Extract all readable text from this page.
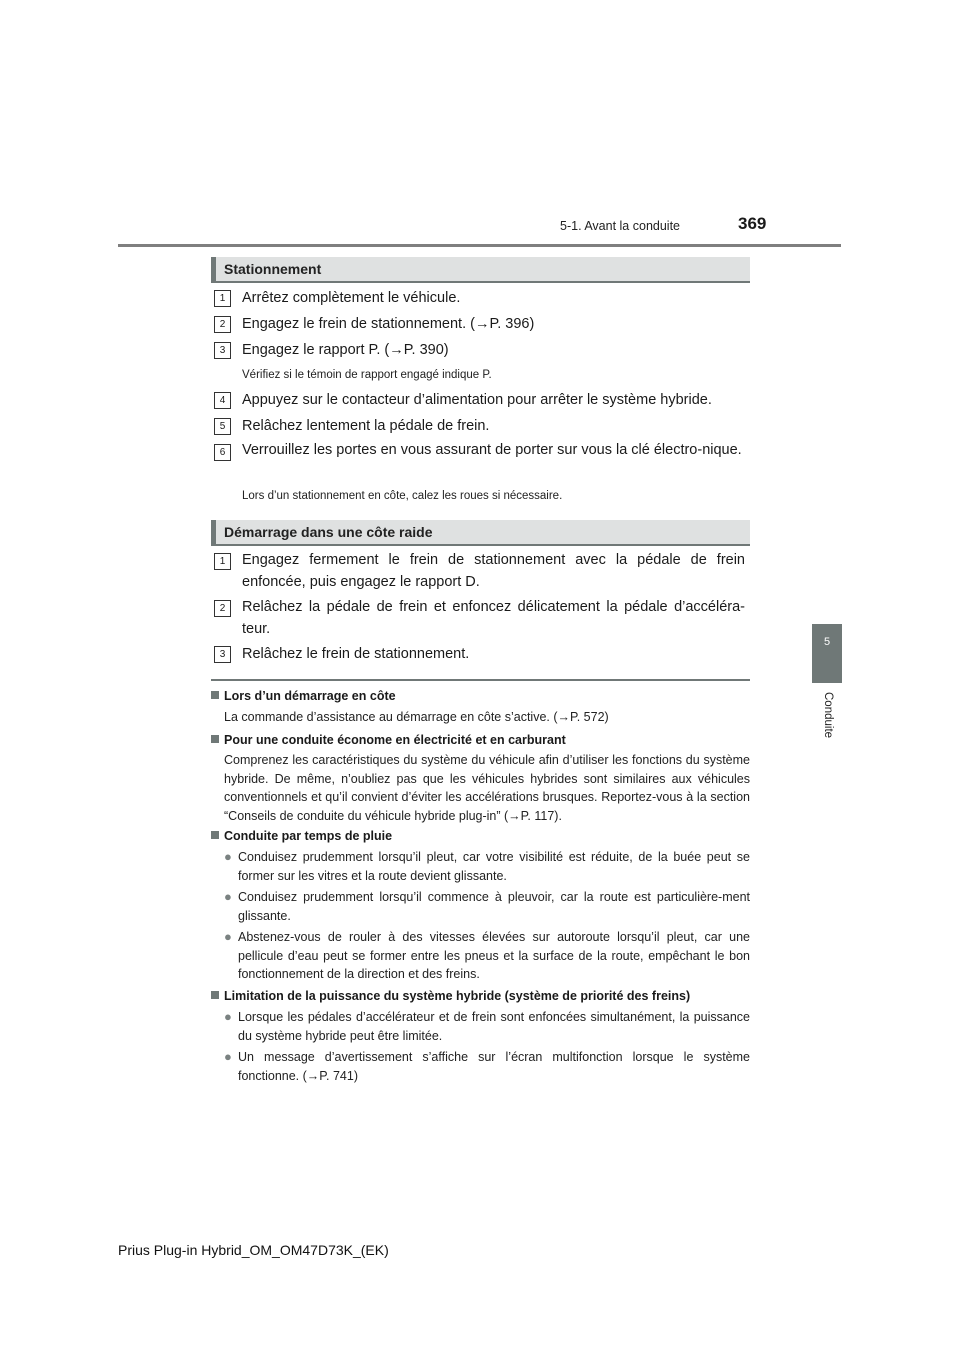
5-1. Avant la conduite	369
5
Conduite
Stationnement
1	Arrêtez complètement le véhicule.
2	Engagez le frein de stationnement. (→P. 396)
3	Engagez le rapport P. (→P. 390)
Vérifiez si le témoin de rapport engagé indique P.
4	Appuyez sur le contacteur d’alimentation pour arrêter le système hybride.
5	Relâchez lentement la pédale de frein.
6	Verrouillez les portes en vous assurant de porter sur vous la clé électro-nique.
Lors d’un stationnement en côte, calez les roues si nécessaire.
Démarrage dans une côte raide
1	Engagez fermement le frein de stationnement avec la pédale de frein enfoncée, puis engagez le rapport D.
2	Relâchez la pédale de frein et enfoncez délicatement la pédale d’accéléra-teur.
3	Relâchez le frein de stationnement.
Lors d’un démarrage en côte
La commande d’assistance au démarrage en côte s’active. (→P. 572)
Pour une conduite économe en électricité et en carburant
Comprenez les caractéristiques du système du véhicule afin d’utiliser les fonctions du système hybride. De même, n’oubliez pas que les véhicules hybrides sont similaires aux véhicules conventionnels et qu’il convient d’éviter les accélérations brusques. Reportez-vous à la section “Conseils de conduite du véhicule hybride plug-in” (→P. 117).
Conduite par temps de pluie
● Conduisez prudemment lorsqu’il pleut, car votre visibilité est réduite, de la buée peut se former sur les vitres et la route devient glissante.
● Conduisez prudemment lorsqu’il commence à pleuvoir, car la route est particulière-ment glissante.
● Abstenez-vous de rouler à des vitesses élevées sur autoroute lorsqu’il pleut, car une pellicule d’eau peut se former entre les pneus et la surface de la route, empêchant le bon fonctionnement de la direction et des freins.
Limitation de la puissance du système hybride (système de priorité des freins)
● Lorsque les pédales d’accélérateur et de frein sont enfoncées simultanément, la puissance du système hybride peut être limitée.
● Un message d’avertissement s’affiche sur l’écran multifonction lorsque le système fonctionne. (→P. 741)
Prius Plug-in Hybrid_OM_OM47D73K_(EK)
